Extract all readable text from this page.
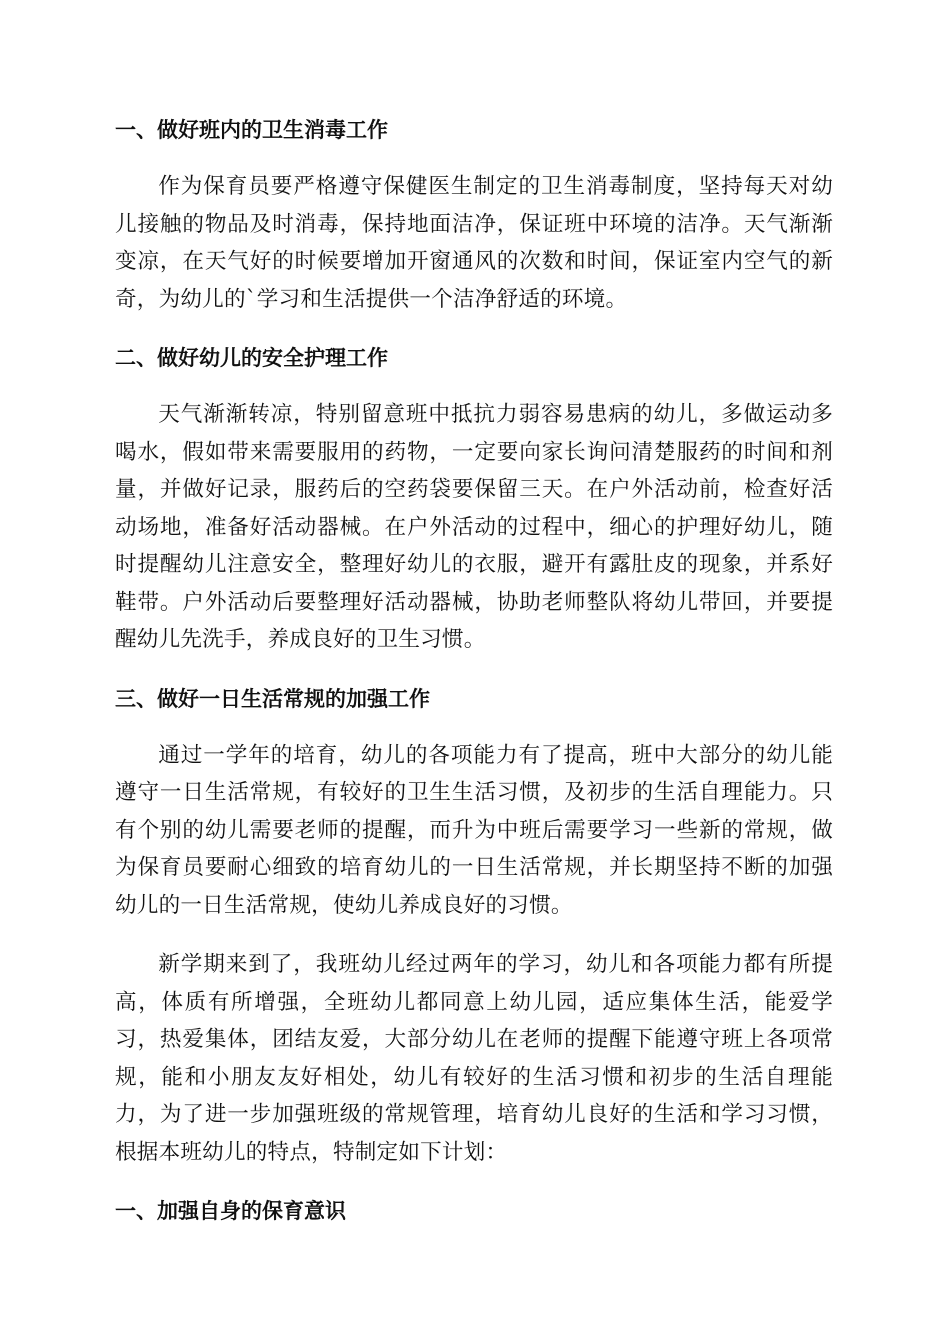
一、做好班内的卫生消毒工作

作为保育员要严格遵守保健医生制定的卫生消毒制度，坚持每天对幼儿接触的物品及时消毒，保持地面洁净，保证班中环境的洁净。天气渐渐变凉，在天气好的时候要增加开窗通风的次数和时间，保证室内空气的新奇，为幼儿的`学习和生活提供一个洁净舒适的环境。

二、做好幼儿的安全护理工作

天气渐渐转凉，特别留意班中抵抗力弱容易患病的幼儿，多做运动多喝水，假如带来需要服用的药物，一定要向家长询问清楚服药的时间和剂量，并做好记录，服药后的空药袋要保留三天。在户外活动前，检查好活动场地，准备好活动器械。在户外活动的过程中，细心的护理好幼儿，随时提醒幼儿注意安全，整理好幼儿的衣服，避开有露肚皮的现象，并系好鞋带。户外活动后要整理好活动器械，协助老师整队将幼儿带回，并要提醒幼儿先洗手，养成良好的卫生习惯。

三、做好一日生活常规的加强工作

通过一学年的培育，幼儿的各项能力有了提高，班中大部分的幼儿能遵守一日生活常规，有较好的卫生生活习惯，及初步的生活自理能力。只有个别的幼儿需要老师的提醒，而升为中班后需要学习一些新的常规，做为保育员要耐心细致的培育幼儿的一日生活常规，并长期坚持不断的加强幼儿的一日生活常规，使幼儿养成良好的习惯。

新学期来到了，我班幼儿经过两年的学习，幼儿和各项能力都有所提高，体质有所增强，全班幼儿都同意上幼儿园，适应集体生活，能爱学习，热爱集体，团结友爱，大部分幼儿在老师的提醒下能遵守班上各项常规，能和小朋友友好相处，幼儿有较好的生活习惯和初步的生活自理能力，为了进一步加强班级的常规管理，培育幼儿良好的生活和学习习惯，根据本班幼儿的特点，特制定如下计划：

一、加强自身的保育意识
